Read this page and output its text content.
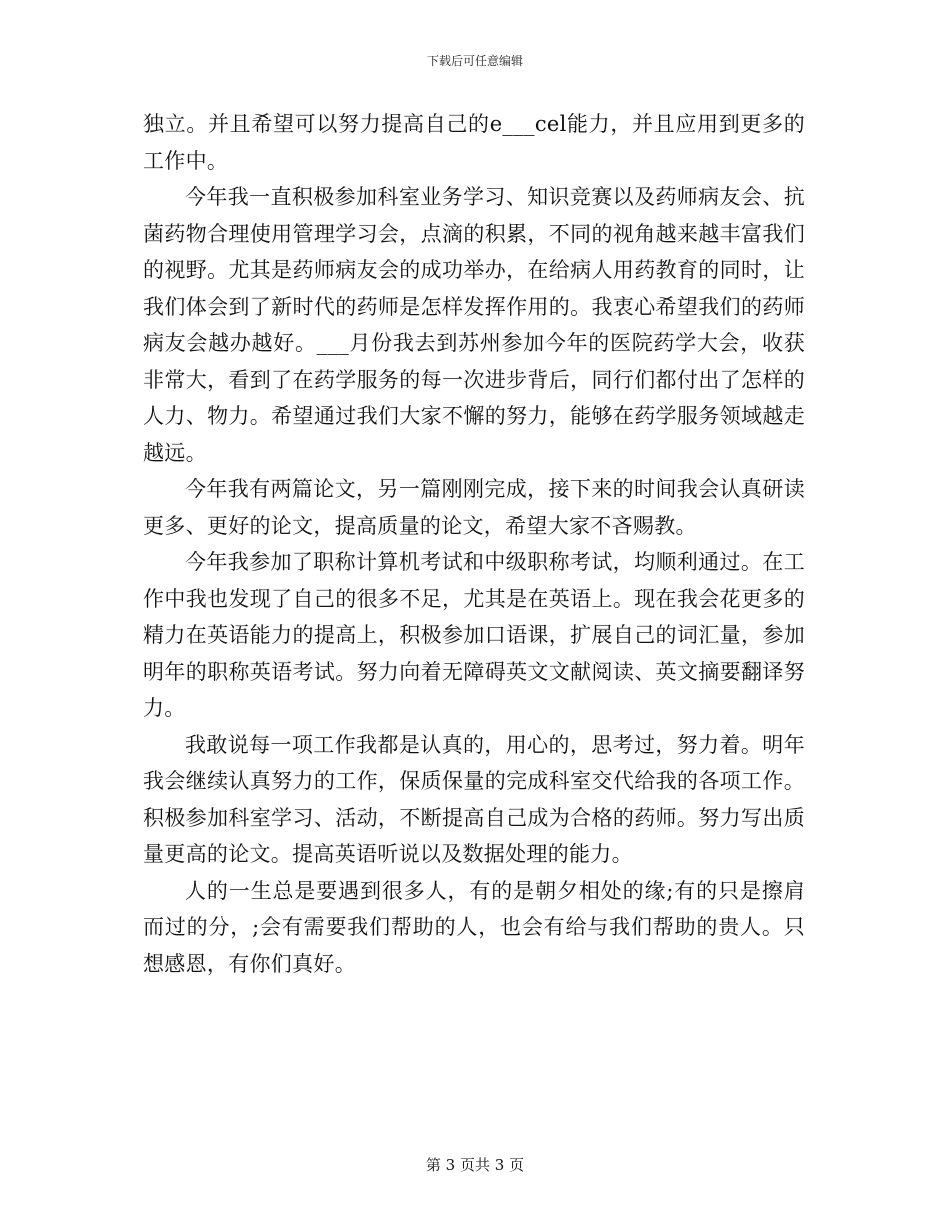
下载后可任意编辑

独立。并且希望可以努力提高自己的e___cel能力，并且应用到更多的工作中。

今年我一直积极参加科室业务学习、知识竞赛以及药师病友会、抗菌药物合理使用管理学习会，点滴的积累，不同的视角越来越丰富我们的视野。尤其是药师病友会的成功举办，在给病人用药教育的同时，让我们体会到了新时代的药师是怎样发挥作用的。我衷心希望我们的药师病友会越办越好。___月份我去到苏州参加今年的医院药学大会，收获非常大，看到了在药学服务的每一次进步背后，同行们都付出了怎样的人力、物力。希望通过我们大家不懈的努力，能够在药学服务领域越走越远。

今年我有两篇论文，另一篇刚刚完成，接下来的时间我会认真研读更多、更好的论文，提高质量的论文，希望大家不吝赐教。

今年我参加了职称计算机考试和中级职称考试，均顺利通过。在工作中我也发现了自己的很多不足，尤其是在英语上。现在我会花更多的精力在英语能力的提高上，积极参加口语课，扩展自己的词汇量，参加明年的职称英语考试。努力向着无障碍英文文献阅读、英文摘要翻译努力。

我敢说每一项工作我都是认真的，用心的，思考过，努力着。明年我会继续认真努力的工作，保质保量的完成科室交代给我的各项工作。积极参加科室学习、活动，不断提高自己成为合格的药师。努力写出质量更高的论文。提高英语听说以及数据处理的能力。

人的一生总是要遇到很多人，有的是朝夕相处的缘;有的只是擦肩而过的分，;会有需要我们帮助的人，也会有给与我们帮助的贵人。只想感恩，有你们真好。

第 3 页共 3 页
